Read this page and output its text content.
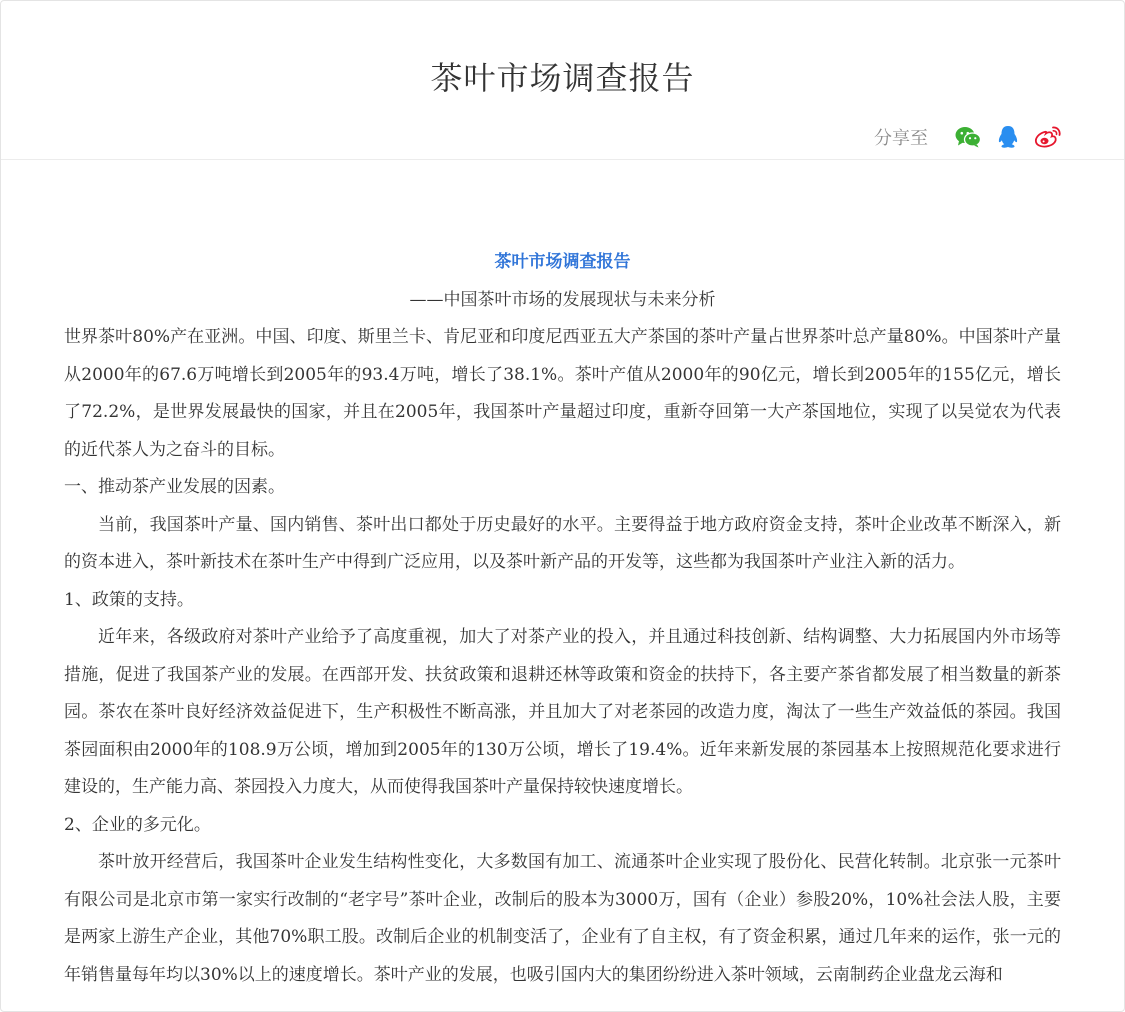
茶叶市场调查报告
分享至
茶叶市场调查报告
——中国茶叶市场的发展现状与未来分析

世界茶叶80%产在亚洲。中国、印度、斯里兰卡、肯尼亚和印度尼西亚五大产茶国的茶叶产量占世界茶叶总产量80%。中国茶叶产量从2000年的67.6万吨增长到2005年的93.4万吨，增长了38.1%。茶叶产值从2000年的90亿元，增长到2005年的155亿元，增长了72.2%，是世界发展最快的国家，并且在2005年，我国茶叶产量超过印度，重新夺回第一大产茶国地位，实现了以吴觉农为代表的近代茶人为之奋斗的目标。

一、推动茶产业发展的因素。

当前，我国茶叶产量、国内销售、茶叶出口都处于历史最好的水平。主要得益于地方政府资金支持，茶叶企业改革不断深入，新的资本进入，茶叶新技术在茶叶生产中得到广泛应用，以及茶叶新产品的开发等，这些都为我国茶叶产业注入新的活力。

1、政策的支持。

近年来，各级政府对茶叶产业给予了高度重视，加大了对茶产业的投入，并且通过科技创新、结构调整、大力拓展国内外市场等措施，促进了我国茶产业的发展。在西部开发、扶贫政策和退耕还林等政策和资金的扶持下，各主要产茶省都发展了相当数量的新茶园。茶农在茶叶良好经济效益促进下，生产积极性不断高涨，并且加大了对老茶园的改造力度，淘汰了一些生产效益低的茶园。我国茶园面积由2000年的108.9万公顷，增加到2005年的130万公顷，增长了19.4%。近年来新发展的茶园基本上按照规范化要求进行建设的，生产能力高、茶园投入力度大，从而使得我国茶叶产量保持较快速度增长。

2、企业的多元化。

茶叶放开经营后，我国茶叶企业发生结构性变化，大多数国有加工、流通茶叶企业实现了股份化、民营化转制。北京张一元茶叶有限公司是北京市第一家实行改制的“老字号”茶叶企业，改制后的股本为3000万，国有（企业）参股20%，10%社会法人股，主要是两家上游生产企业，其他70%职工股。改制后企业的机制变活了，企业有了自主权，有了资金积累，通过几年来的运作，张一元的年销售量每年均以30%以上的速度增长。茶叶产业的发展，也吸引国内大的集团纷纷进入茶叶领域，云南制药企业盘龙云海和
